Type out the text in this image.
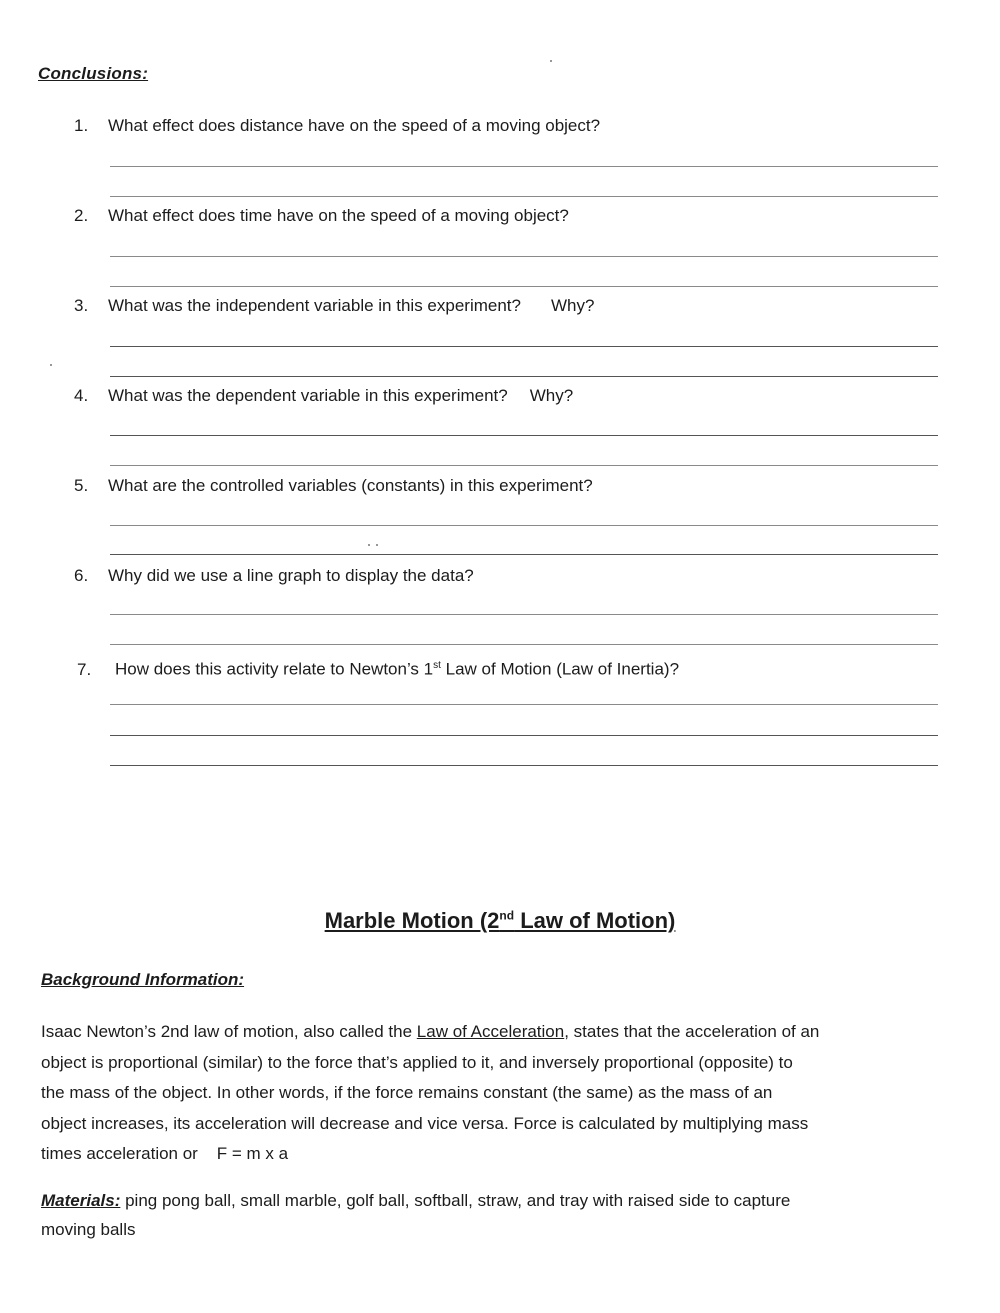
Conclusions:
1. What effect does distance have on the speed of a moving object?
2. What effect does time have on the speed of a moving object?
3. What was the independent variable in this experiment? Why?
4. What was the dependent variable in this experiment? Why?
5. What are the controlled variables (constants) in this experiment?
6. Why did we use a line graph to display the data?
7. How does this activity relate to Newton’s 1st Law of Motion (Law of Inertia)?
Marble Motion (2nd Law of Motion)
Background Information:
Isaac Newton’s 2nd law of motion, also called the Law of Acceleration, states that the acceleration of an
object is proportional (similar) to the force that’s applied to it, and inversely proportional (opposite) to
the mass of the object. In other words, if the force remains constant (the same) as the mass of an
object increases, its acceleration will decrease and vice versa. Force is calculated by multiplying mass
times acceleration or    F = m x a
Materials: ping pong ball, small marble, golf ball, softball, straw, and tray with raised side to capture
moving balls
